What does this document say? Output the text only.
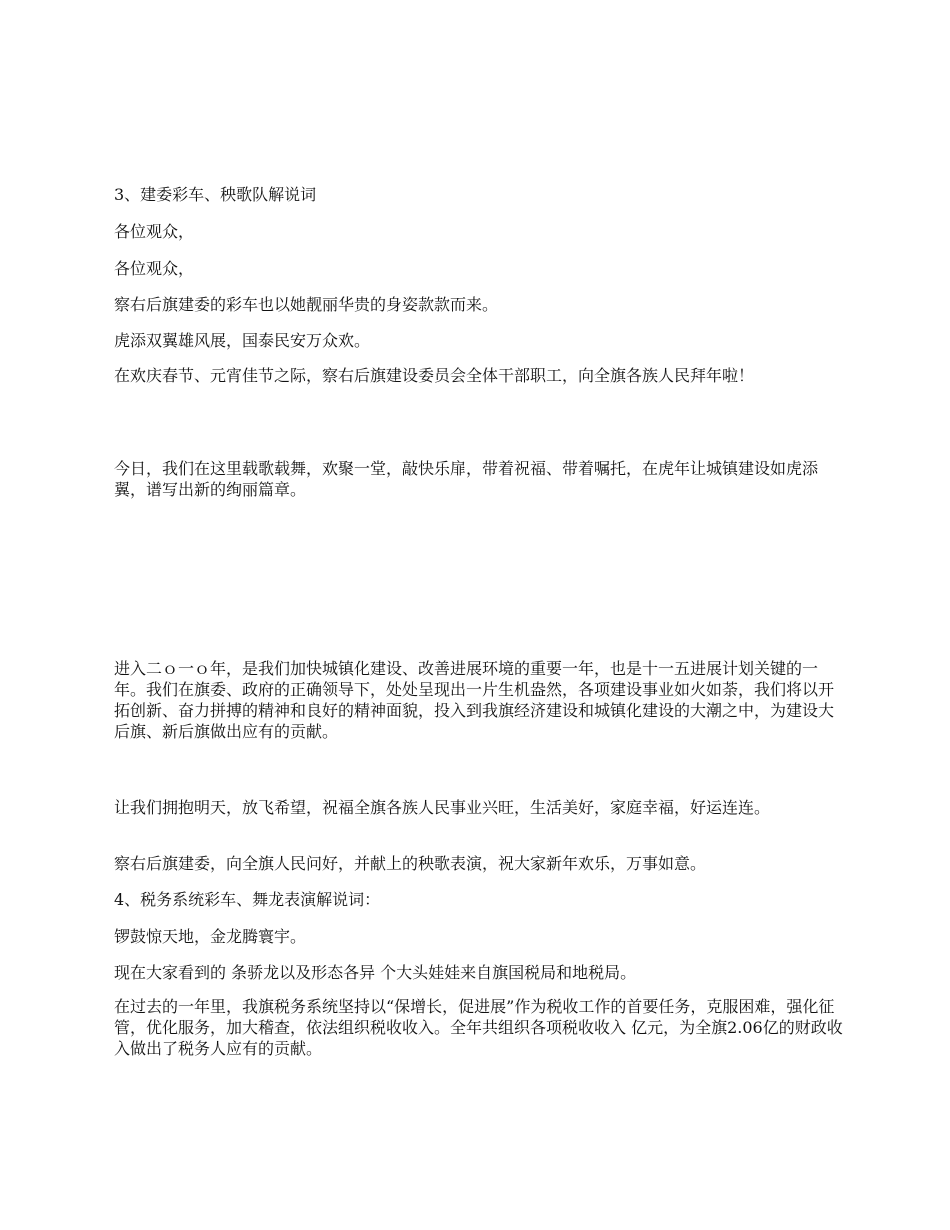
3、建委彩车、秧歌队解说词

各位观众，

各位观众，

察右后旗建委的彩车也以她靓丽华贵的身姿款款而来。

虎添双翼雄风展，国泰民安万众欢。

在欢庆春节、元宵佳节之际，察右后旗建设委员会全体干部职工，向全旗各族人民拜年啦！

今日，我们在这里载歌载舞，欢聚一堂，敲快乐扉，带着祝福、带着嘱托，在虎年让城镇建设如虎添翼，谱写出新的绚丽篇章。

进入二ｏ一ｏ年，是我们加快城镇化建设、改善进展环境的重要一年，也是十一五进展计划关键的一年。我们在旗委、政府的正确领导下，处处呈现出一片生机盎然，各项建设事业如火如荼，我们将以开拓创新、奋力拼搏的精神和良好的精神面貌，投入到我旗经济建设和城镇化建设的大潮之中，为建设大后旗、新后旗做出应有的贡献。

让我们拥抱明天，放飞希望，祝福全旗各族人民事业兴旺，生活美好，家庭幸福，好运连连。

察右后旗建委，向全旗人民问好，并献上的秧歌表演，祝大家新年欢乐，万事如意。

4、税务系统彩车、舞龙表演解说词：

锣鼓惊天地，金龙腾寰宇。

现在大家看到的 条骄龙以及形态各异 个大头娃娃来自旗国税局和地税局。

在过去的一年里，我旗税务系统坚持以“保增长，促进展”作为税收工作的首要任务，克服困难，强化征管，优化服务，加大稽查，依法组织税收收入。全年共组织各项税收收入 亿元，为全旗2.06亿的财政收入做出了税务人应有的贡献。
